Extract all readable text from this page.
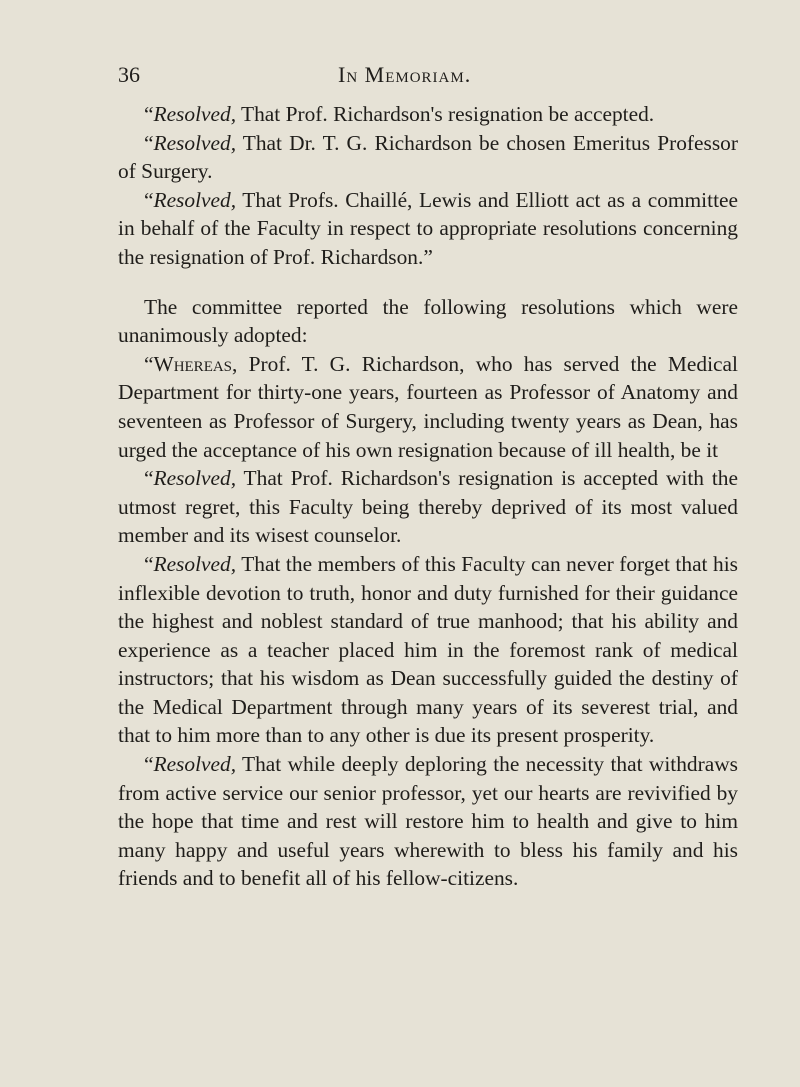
36	In Memoriam.

“Resolved, That Prof. Richardson's resignation be accepted.

“Resolved, That Dr. T. G. Richardson be chosen Emeritus Professor of Surgery.

“Resolved, That Profs. Chaillé, Lewis and Elliott act as a committee in behalf of the Faculty in respect to appropriate resolutions concerning the resignation of Prof. Richardson.”

The committee reported the following resolutions which were unanimously adopted:

“Whereas, Prof. T. G. Richardson, who has served the Medical Department for thirty-one years, fourteen as Professor of Anatomy and seventeen as Professor of Surgery, including twenty years as Dean, has urged the acceptance of his own resignation because of ill health, be it

“Resolved, That Prof. Richardson's resignation is accepted with the utmost regret, this Faculty being thereby deprived of its most valued member and its wisest counselor.

“Resolved, That the members of this Faculty can never forget that his inflexible devotion to truth, honor and duty furnished for their guidance the highest and noblest standard of true manhood; that his ability and experience as a teacher placed him in the foremost rank of medical instructors; that his wisdom as Dean successfully guided the destiny of the Medical Department through many years of its severest trial, and that to him more than to any other is due its present prosperity.

“Resolved, That while deeply deploring the necessity that withdraws from active service our senior professor, yet our hearts are revivified by the hope that time and rest will restore him to health and give to him many happy and useful years wherewith to bless his family and his friends and to benefit all of his fellow-citizens.
